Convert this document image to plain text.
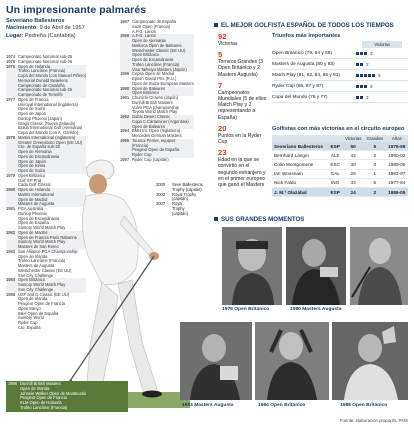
Un impresionante palmarés
Severiano Ballesteros
Nacimiento: 9 de Abril de 1957
Lugar: Pedreña (Cantabria)
1974 Campeonato Nacional sub-25
1975 Campeonato Nacional sub-25
1976 Open de Holanda
Trofeo Lancôme (Francia)
Copa del Mundo (con Manuel Piñero)
Memorial Donald Swaelens
Campeonato de Cataluña
Campeonato Nacional sub-25
Campeonato de Tenerife
1977 Open de Francia
Uniroyal International (Inglaterra)
Open de Suiza
Open de Japón
Dunlop Phoenix (Japón)
Otago Classic (Nueva Zelanda)
Braun International Golf (Alemania)
Copa del Mundo (con A. Garrido)
1978 Martini International (Inglaterra)
Greater Greensboro Open (EE UU)
Cto. de España sub-25
Open de Alemania
Open de Escandinavia
Open de Japón
Open de Kenia
Open de Suiza
1979 Open Británico
Golf GP Prat
Cada Golf Classic
1980 Open de Holanda
Martini International
Open de Madrid
Masters de Augusta
1981 PGA Australia
Dunlop Phoenix
Open de Escandinavia
Open de España
Suntory World Match Play
1982 Open de Madrid
Open de Francia-Paris Rabanne
Suntory World Match Play
Masters de San Remo
1983 Sun Alliance PGA Championship
Open de Irlanda
Trofeo Lancôme (Francia)
Masters de Augusta
Westchester Classic (EE UU)
Sun City Challenge
1984 Open Británico
Suntory World Match Play
Sun City Challenge
1985 USF and G Classic (EE UU)
Open de Irlanda
Peugeot Open de Francia
Open Sanyo
B&H Open de España
Suntory World
Ryder Cup
Cto. España
1987 Campeonato de España
Suze Open (Francia)
A.P.G. Larios
1988 A.P.G. Larios
Open de Alemania
Mallorca Open de Baleares
Westchester Classic (EE UU)
Open Británico
Open de Escandinavia
Trofeo Lancôme (Francia)
Visa Taiheiyo Masters (Japón)
1989 Cepsa Open de Madrid
Epson Grand Prix (R.U.)
Open de Suiza-European Masters
1990 Open de Baleares
Open Británico
1991 Chunichi Crowns (Japón)
Dunhill British Masters
Volvo PGA Championship
Toyota World Match Play
1992 Dubai Desert Classic
Copa C.Cartaminer (Argentina)
Open de Baleares
1994 BMH Int. Open (Inglaterra)
Mercedes German Masters
1995 Tournoi Perrier, equipos
(Francia)
Peugeot Open de España
Ryder Cup
1997 Ryder Cup (capitán)
2000	Seve Ballesteros
Trophy (capitán)
2002	Royal Trophy
(capitán)
2007	Royal
Trophy
(capitán)
1986 Dunhill British Masters
Open de Irlanda
Johnnie Walker Open de Montecarlo
Peugeot Open de Francia
KLM Open de Holanda
Trofeo Lancôme (Francia)
EL MEJOR GOLFISTA ESPAÑOL DE TODOS LOS TIEMPOS
92
Victorias
5
Torneos Grandes (3 Open Británico y 2 Masters Augusta)
7
Campeonatos Mundiales (5 de ellos Match Play y 2 representando a España)
20
Puntos en la Ryder Cup
23
Edad en la que se convirtió en el segundo extranjero y en el primer europeo que ganó el Masters
Triunfos más importantes
Victorias
Open Británico (79, 84 y 88)	3
Masters de Augusta (80 y 83)	2
Match Play (81, 82, 84, 85 y 91)	5
Ryder Cup (85, 87 y 97)	3
Copa del Mundo (76 y 77)	2
Golfistas con más victorias en el circuito europeo
		Victorias	Grandes	Años
Severiano Ballesteros	ESP	50	5	1976-95
Bernhard Langer	ALE	42	2	1980-02
Colin Montgomerie	ESC	30	0	1989-05
Ian Woosnam	GAL	29	1	1982-97
Nick Faldo	ING	33	6	1977-84
J. M.ª Olazábal	ESP	24	2	1986-05
SUS GRANDES MOMENTOS
1979 Open Británico	1980 Masters Augusta
1983 Masters Augusta	1984 Open Británico	1988 Open Británico
Fuente: elaboración propia EL PAÍS
